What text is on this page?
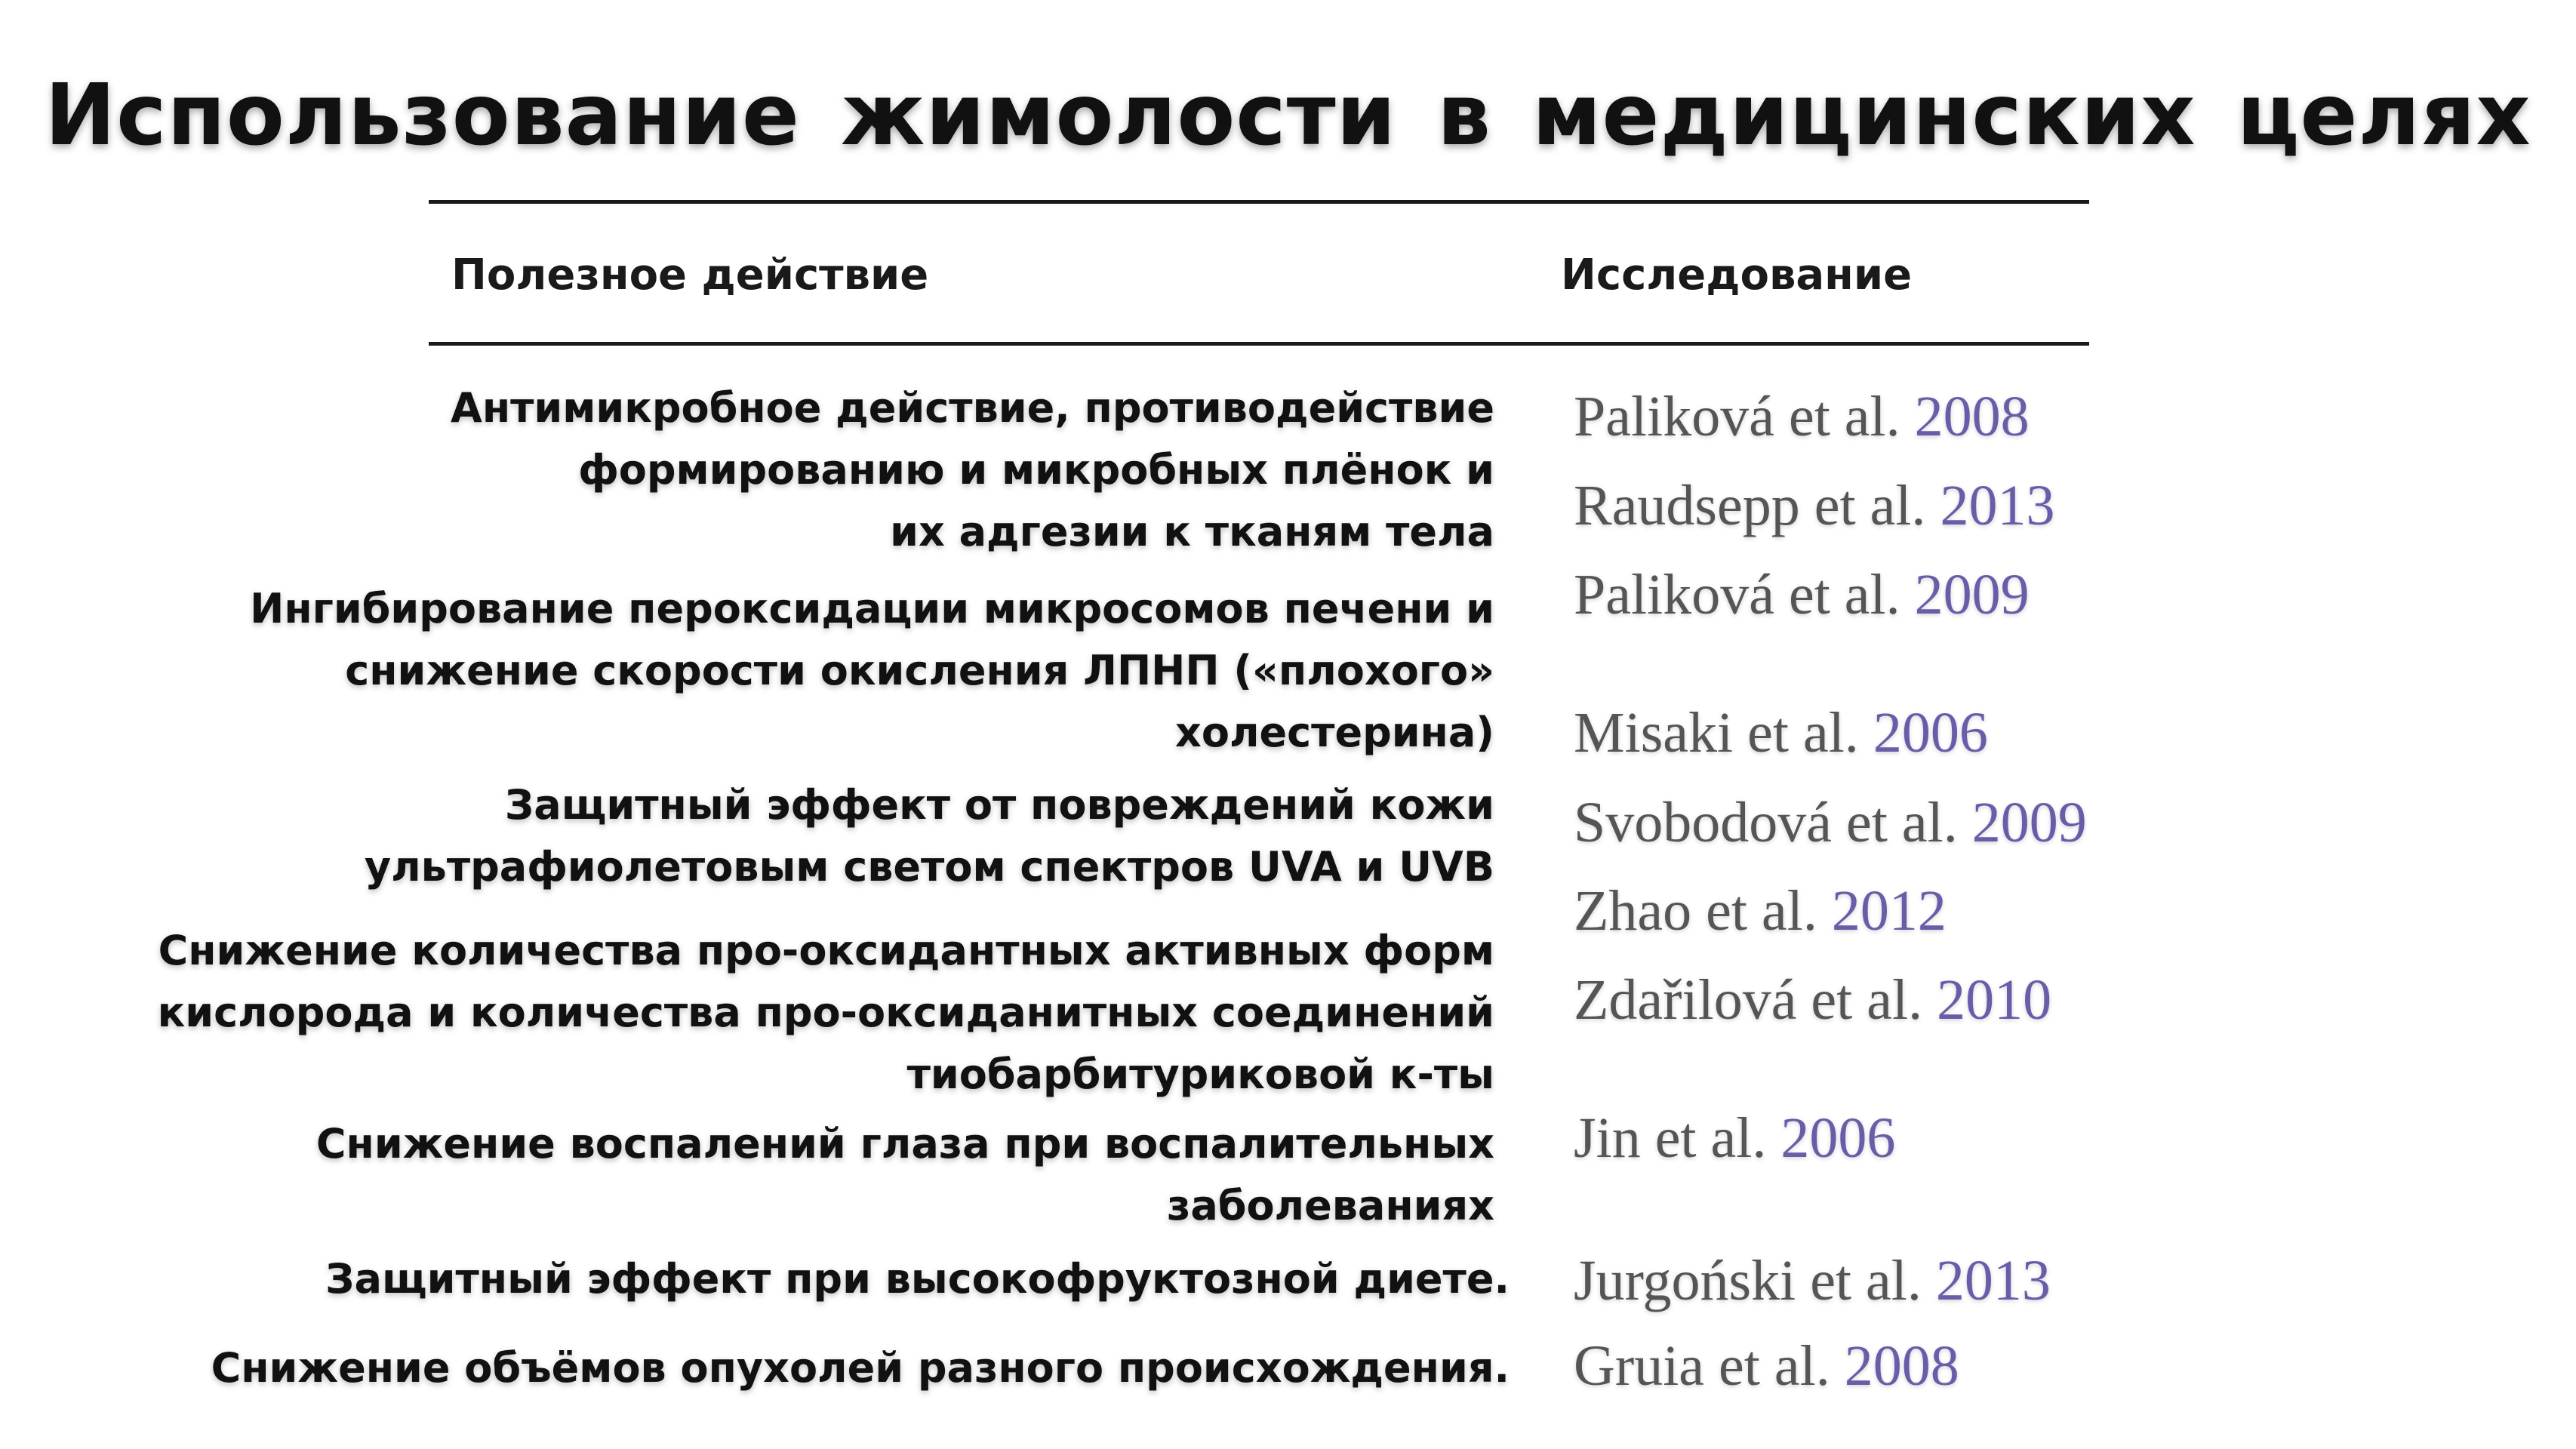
Использование жимолости в медицинских целях
Полезное действие	Исследование
Антимикробное действие, противодействие
формированию и микробных плёнок и
их адгезии к тканям тела
Ингибирование пероксидации микросомов печени и
снижение скорости окисления ЛПНП («плохого»
холестерина)
Защитный эффект от повреждений кожи
ультрафиолетовым светом спектров UVA и UVB
Снижение количества про-оксидантных активных форм
кислорода и количества про-оксиданитных соединений
тиобарбитуриковой к-ты
Снижение воспалений глаза при воспалительных
заболеваниях
Защитный эффект при высокофруктозной диете.
Снижение объёмов опухолей разного происхождения.
Paliková et al. 2008
Raudsepp et al. 2013
Paliková et al. 2009
Misaki et al. 2006
Svobodová et al. 2009
Zhao et al. 2012
Zdařilová et al. 2010
Jin et al. 2006
Jurgoński et al. 2013
Gruia et al. 2008
